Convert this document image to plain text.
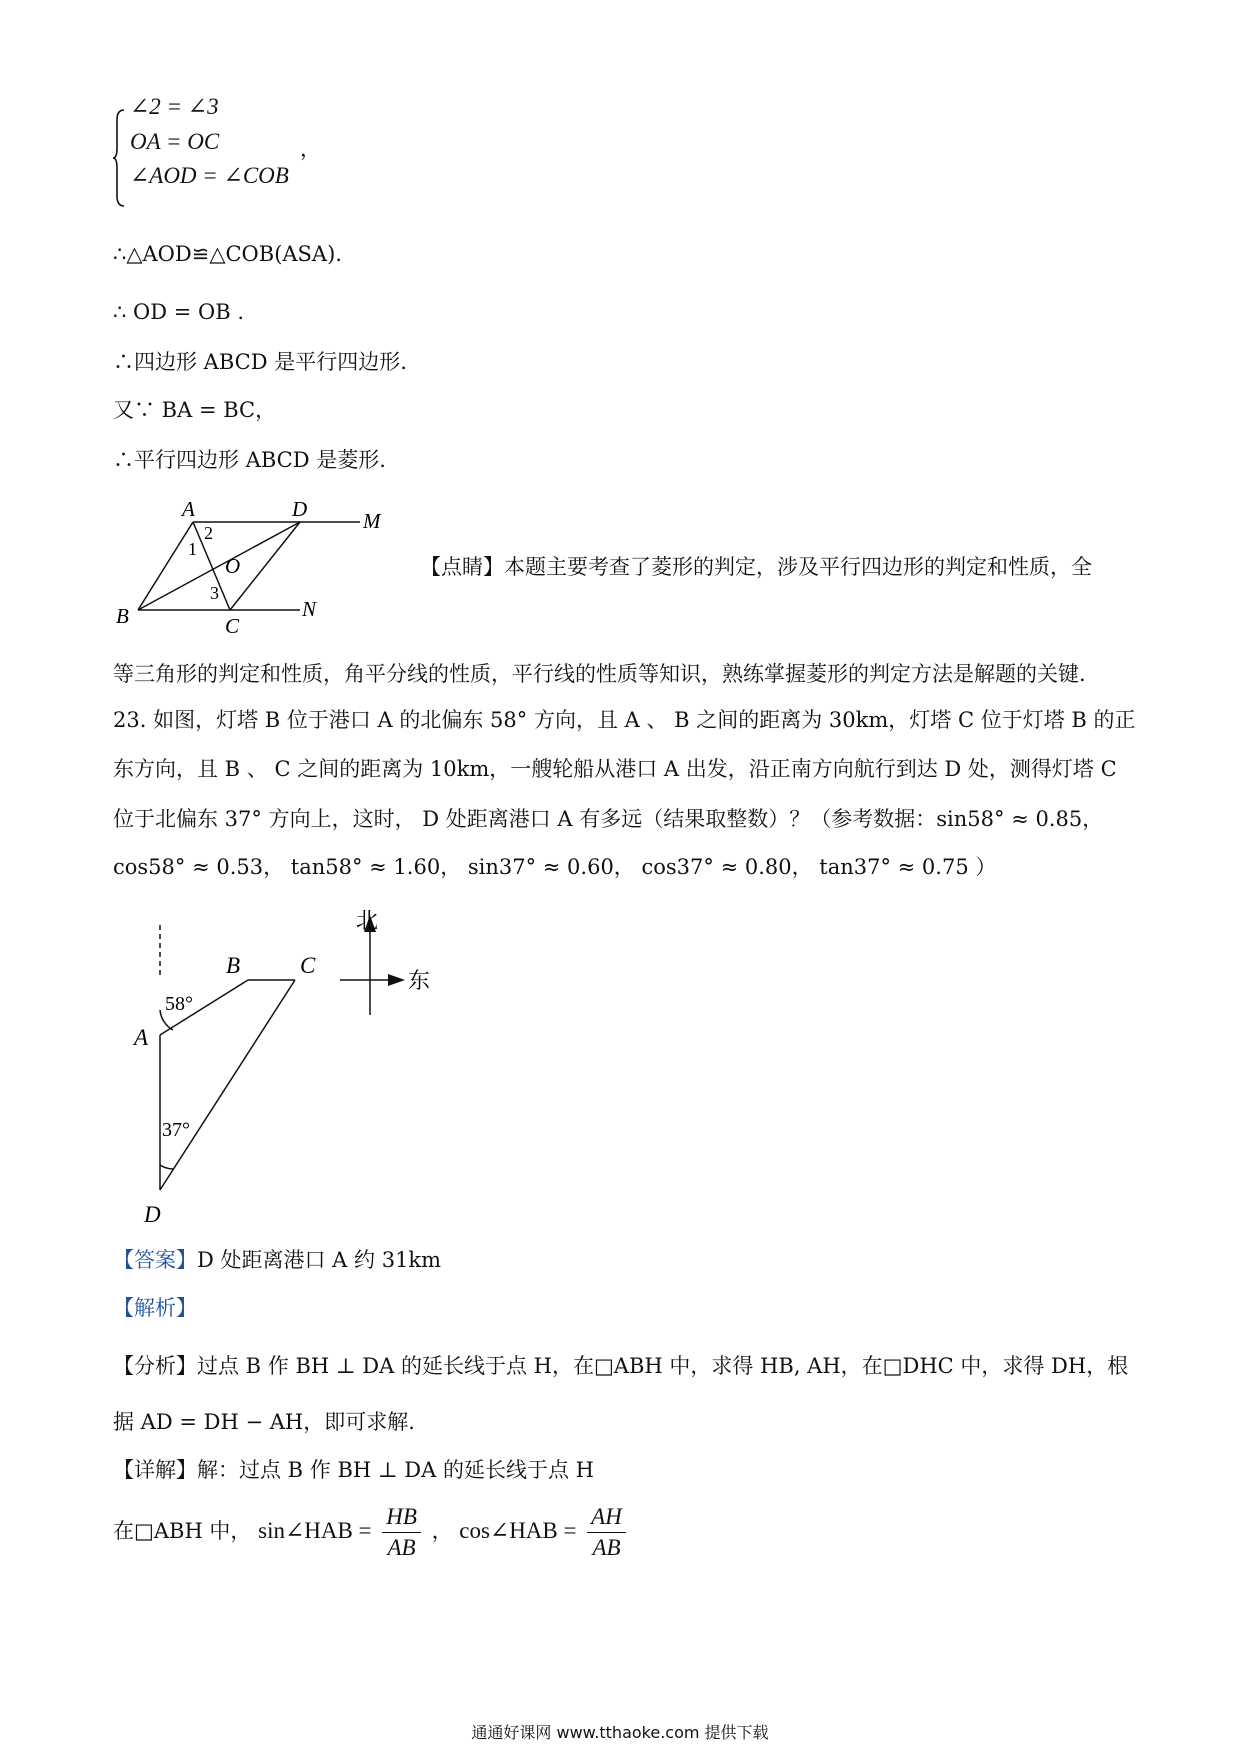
∠2 = ∠3
OA = OC	，
∠AOD = ∠COB
∴△AOD≌△COB(ASA).
∴ OD = OB .
∴四边形 ABCD 是平行四边形.
又∵ BA = BC，
∴平行四边形 ABCD 是菱形.
A	D	M
B	C
N
O
1
2
3
【点睛】本题主要考查了菱形的判定，涉及平行四边形的判定和性质，全
等三角形的判定和性质，角平分线的性质，平行线的性质等知识，熟练掌握菱形的判定方法是解题的关键.
23. 如图，灯塔 B 位于港口 A 的北偏东 58° 方向，且 A 、 B 之间的距离为 30km，灯塔 C 位于灯塔 B 的正
东方向，且 B 、 C 之间的距离为 10km，一艘轮船从港口 A 出发，沿正南方向航行到达 D 处，测得灯塔 C
位于北偏东 37° 方向上，这时， D 处距离港口 A 有多远（结果取整数）？（参考数据：sin58° ≈ 0.85，
cos58° ≈ 0.53， tan58° ≈ 1.60， sin37° ≈ 0.60， cos37° ≈ 0.80， tan37° ≈ 0.75 ）
A
B	C
D
58°
37°
北
东
【答案】D 处距离港口 A 约 31km
【解析】
【分析】过点 B 作 BH ⊥ DA 的延长线于点 H，在□ABH 中，求得 HB, AH，在□DHC 中，求得 DH，根
据 AD = DH − AH，即可求解.
【详解】解：过点 B 作 BH ⊥ DA 的延长线于点 H
在□ABH 中， sin∠HAB = $\frac{HB}{AB}$ ， cos∠HAB = $\frac{AH}{AB}$
通通好课网 www.tthaoke.com 提供下载
